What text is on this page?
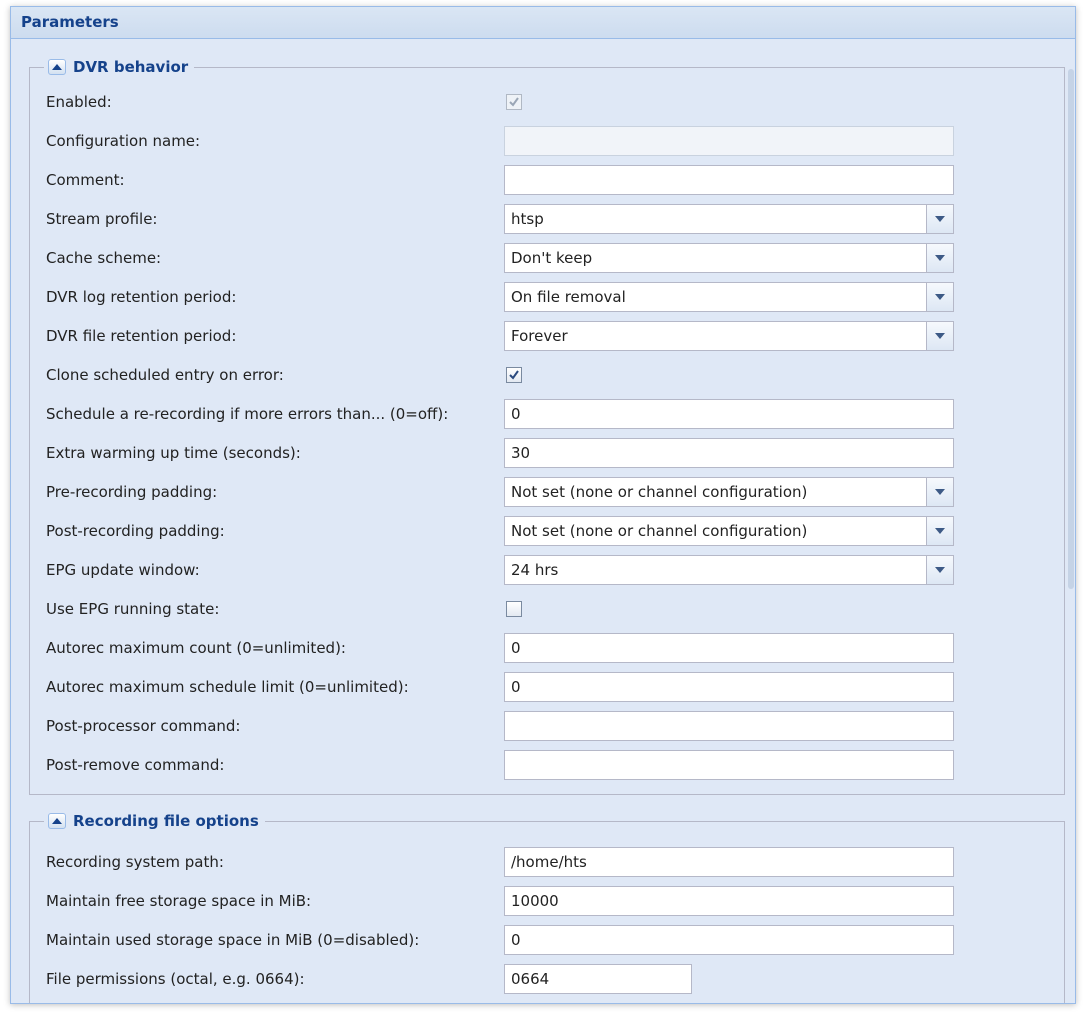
Parameters
DVR behavior
Enabled:
Configuration name:
Comment:
Stream profile:	htsp
Cache scheme:	Don't keep
DVR log retention period:	On file removal
DVR file retention period:	Forever
Clone scheduled entry on error:
Schedule a re-recording if more errors than... (0=off):	0
Extra warming up time (seconds):	30
Pre-recording padding:	Not set (none or channel configuration)
Post-recording padding:	Not set (none or channel configuration)
EPG update window:	24 hrs
Use EPG running state:
Autorec maximum count (0=unlimited):	0
Autorec maximum schedule limit (0=unlimited):	0
Post-processor command:
Post-remove command:
Recording file options
Recording system path:	/home/hts
Maintain free storage space in MiB:	10000
Maintain used storage space in MiB (0=disabled):	0
File permissions (octal, e.g. 0664):	0664
